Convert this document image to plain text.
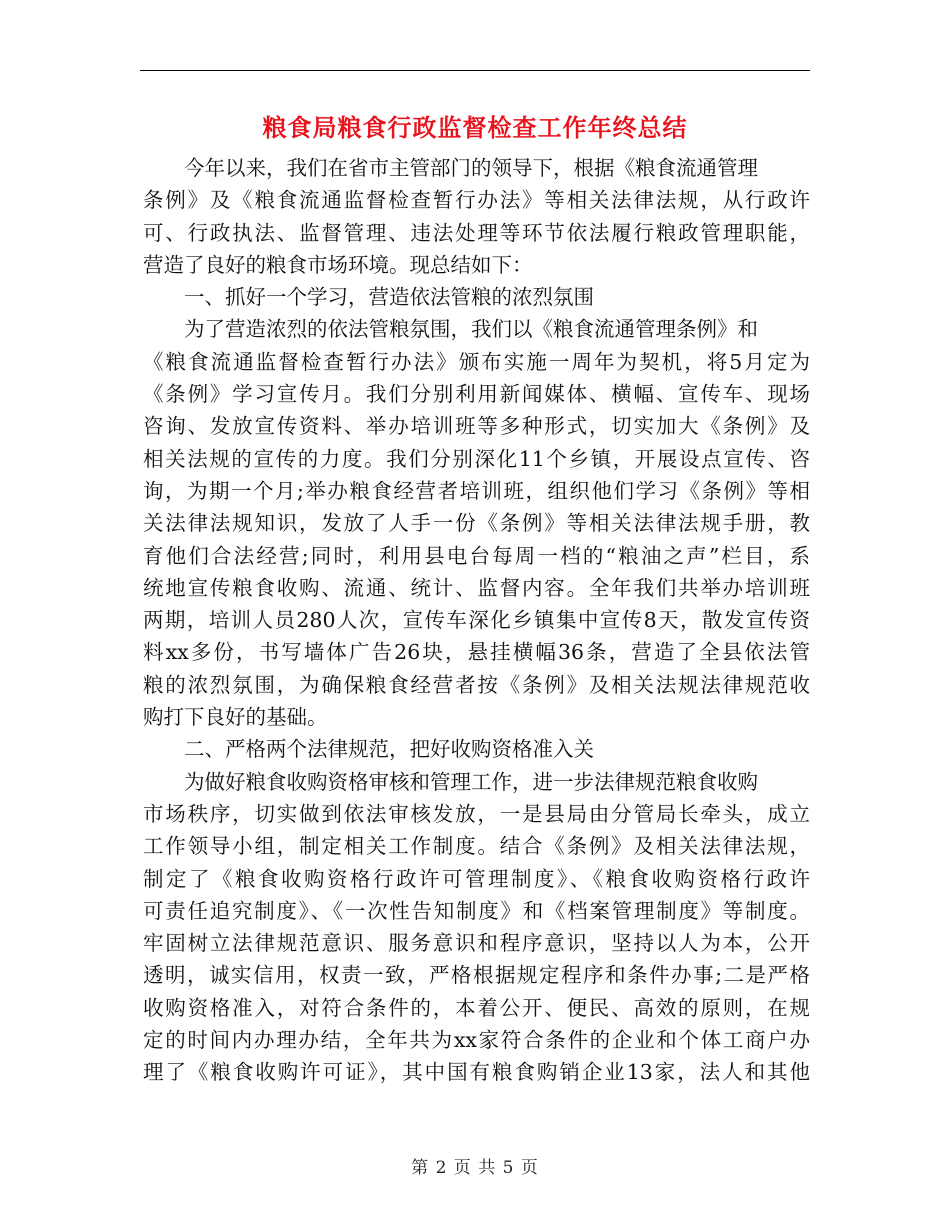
粮食局粮食行政监督检查工作年终总结
今年以来，我们在省市主管部门的领导下，根据《粮食流通管理
条例》及《粮食流通监督检查暂行办法》等相关法律法规，从行政许
可、行政执法、监督管理、违法处理等环节依法履行粮政管理职能，
营造了良好的粮食市场环境。现总结如下：
一、抓好一个学习，营造依法管粮的浓烈氛围
为了营造浓烈的依法管粮氛围，我们以《粮食流通管理条例》和
《粮食流通监督检查暂行办法》颁布实施一周年为契机，将5月定为
《条例》学习宣传月。我们分别利用新闻媒体、横幅、宣传车、现场
咨询、发放宣传资料、举办培训班等多种形式，切实加大《条例》及
相关法规的宣传的力度。我们分别深化11个乡镇，开展设点宣传、咨
询，为期一个月;举办粮食经营者培训班，组织他们学习《条例》等相
关法律法规知识，发放了人手一份《条例》等相关法律法规手册，教
育他们合法经营;同时，利用县电台每周一档的“粮油之声”栏目，系
统地宣传粮食收购、流通、统计、监督内容。全年我们共举办培训班
两期，培训人员280人次，宣传车深化乡镇集中宣传8天，散发宣传资
料xx多份，书写墙体广告26块，悬挂横幅36条，营造了全县依法管
粮的浓烈氛围，为确保粮食经营者按《条例》及相关法规法律规范收
购打下良好的基础。
二、严格两个法律规范，把好收购资格准入关
为做好粮食收购资格审核和管理工作，进一步法律规范粮食收购
市场秩序，切实做到依法审核发放，一是县局由分管局长牵头，成立
工作领导小组，制定相关工作制度。结合《条例》及相关法律法规，
制定了《粮食收购资格行政许可管理制度》、《粮食收购资格行政许
可责任追究制度》、《一次性告知制度》和《档案管理制度》等制度。
牢固树立法律规范意识、服务意识和程序意识，坚持以人为本，公开
透明，诚实信用，权责一致，严格根据规定程序和条件办事;二是严格
收购资格准入，对符合条件的，本着公开、便民、高效的原则，在规
定的时间内办理办结，全年共为xx家符合条件的企业和个体工商户办
理了《粮食收购许可证》，其中国有粮食购销企业13家，法人和其他
第 2 页 共 5 页
